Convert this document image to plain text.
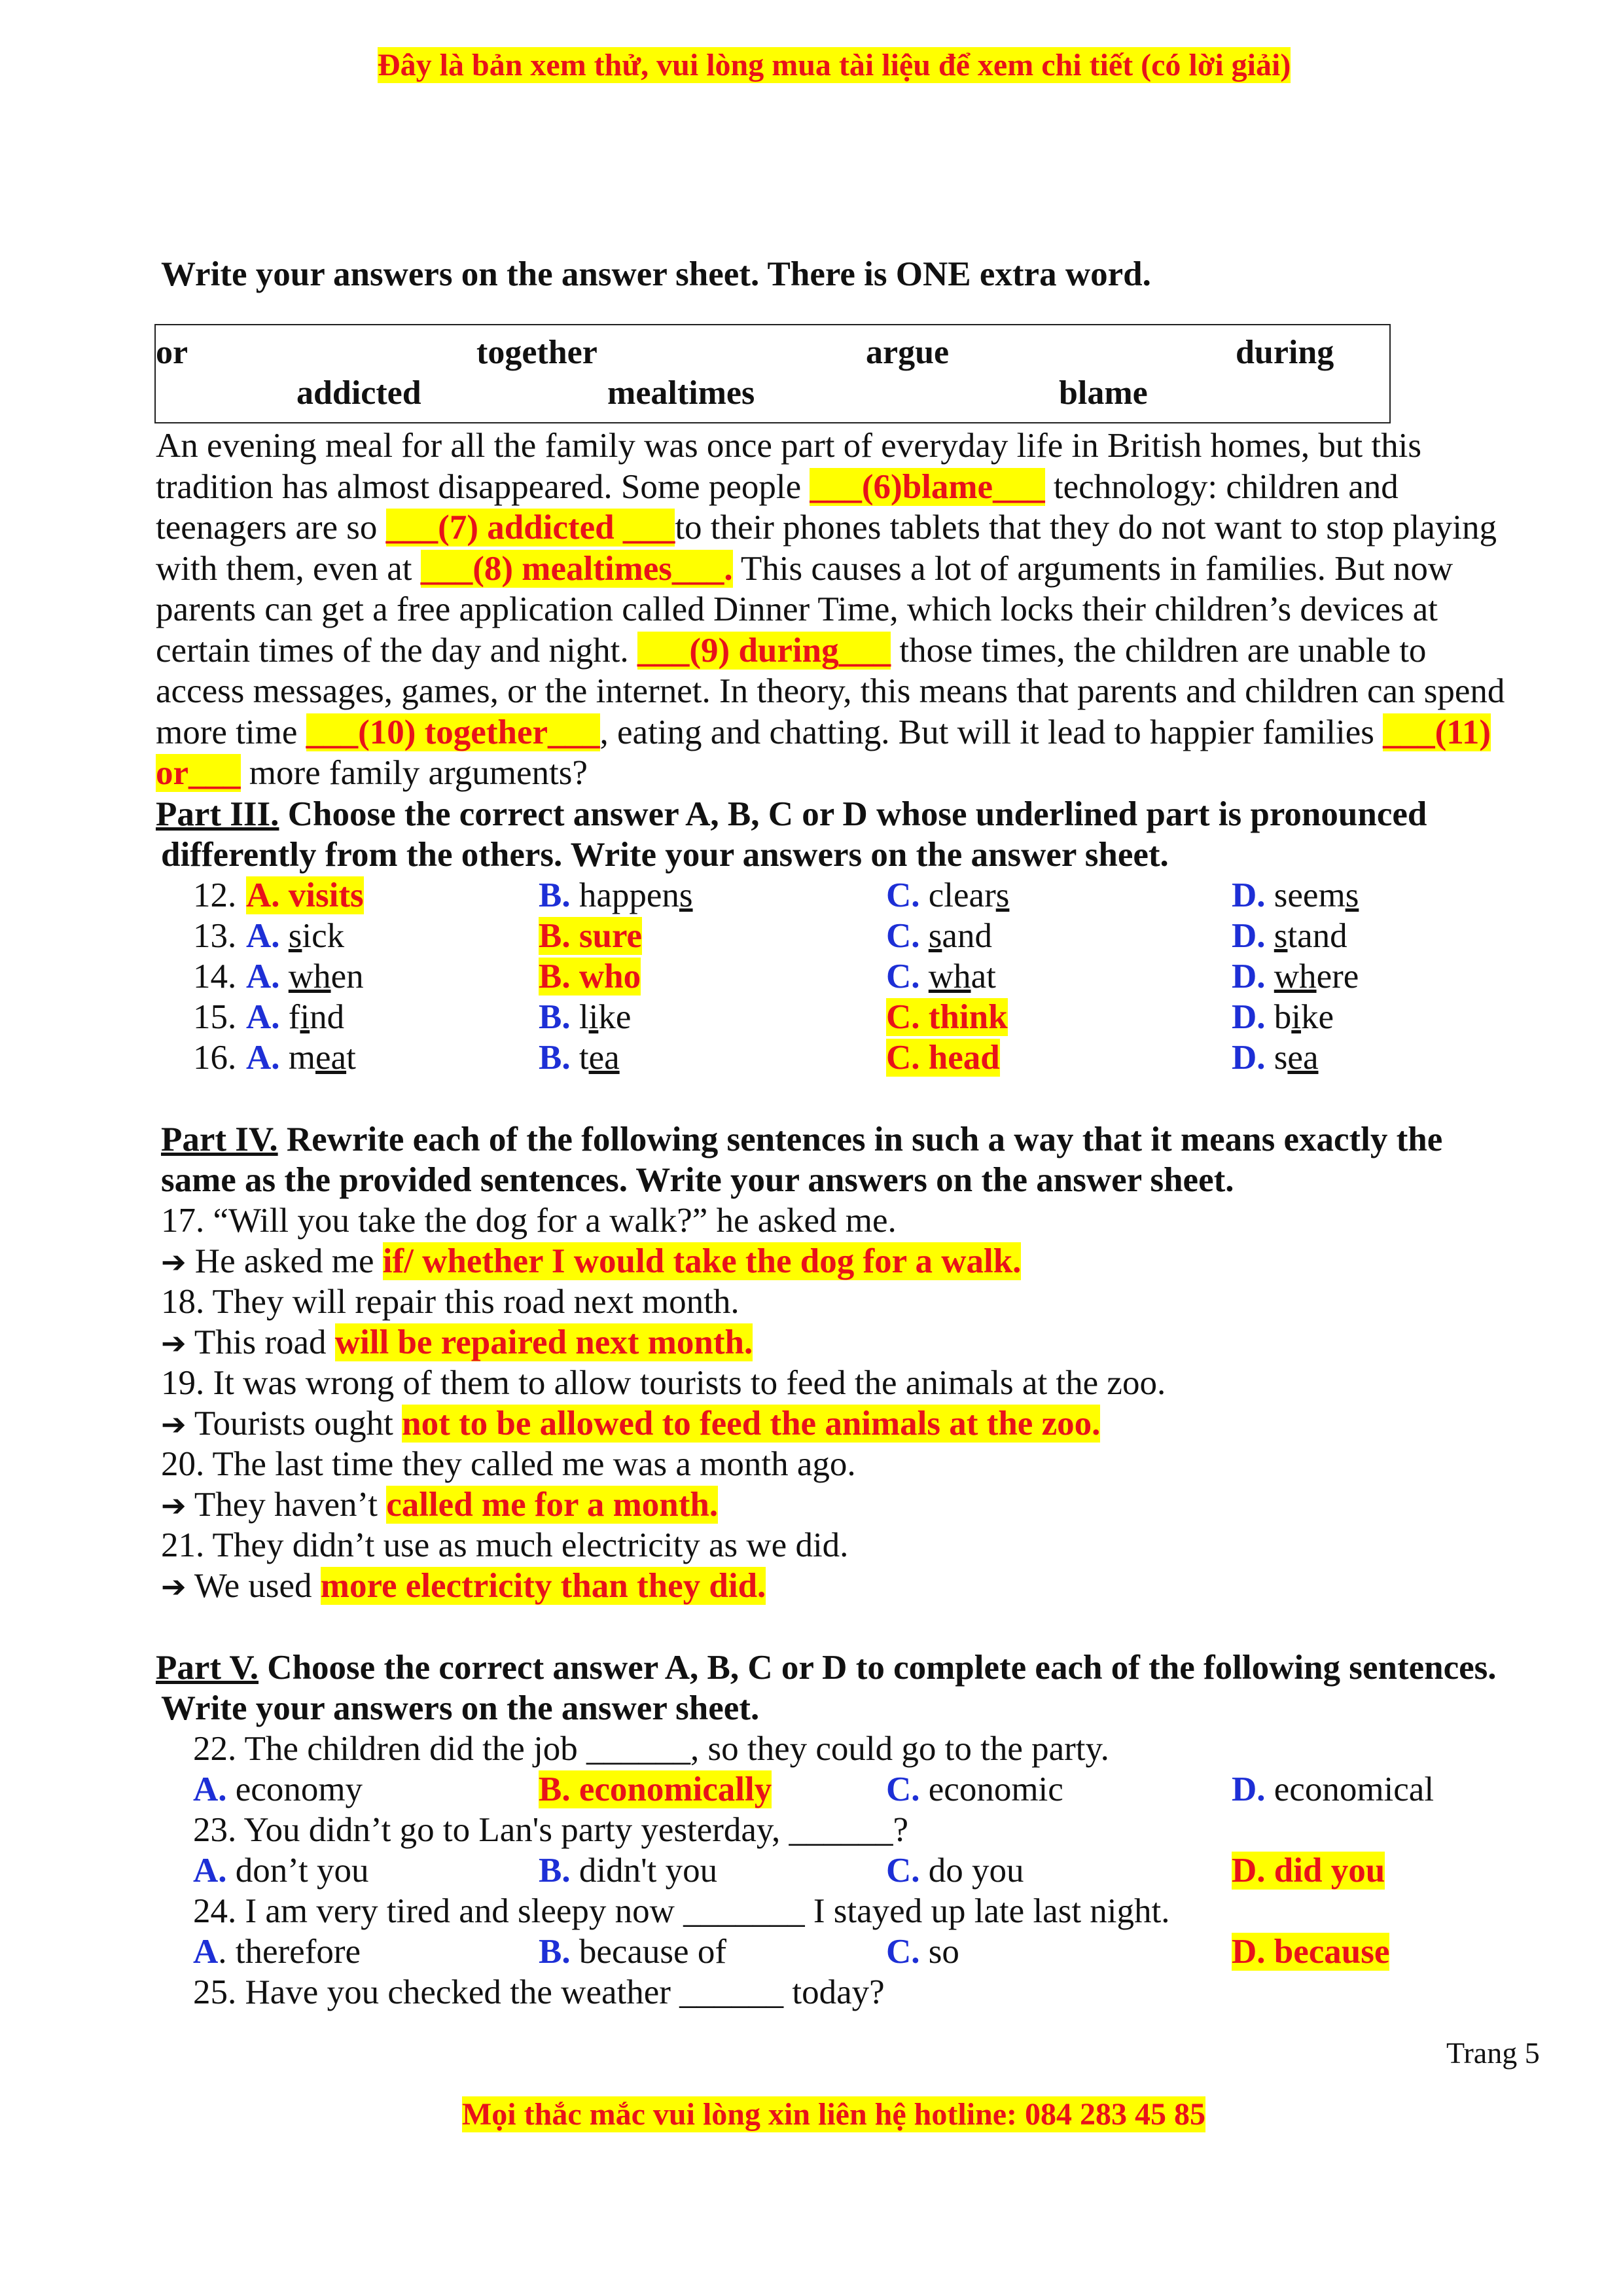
Đây là bản xem thử, vui lòng mua tài liệu để xem chi tiết (có lời giải)
Write your answers on the answer sheet. There is ONE extra word.
or	together	argue	during
addicted	mealtimes	blame
An evening meal for all the family was once part of everyday life in British homes, but this
tradition has almost disappeared. Some people ___(6)blame___ technology: children and
teenagers are so ___(7) addicted ___to their phones tablets that they do not want to stop playing
with them, even at ___(8) mealtimes___. This causes a lot of arguments in families. But now
parents can get a free application called Dinner Time, which locks their children’s devices at
certain times of the day and night. ___(9) during___ those times, the children are unable to
access messages, games, or the internet. In theory, this means that parents and children can spend
more time ___(10) together___, eating and chatting. But will it lead to happier families ___(11)
or___ more family arguments?
Part III. Choose the correct answer A, B, C or D whose underlined part is pronounced
differently from the others. Write your answers on the answer sheet.
12. A. visits	B. happens	C. clears	D. seems
13. A. sick	B. sure	C. sand	D. stand
14. A. when	B. who	C. what	D. where
15. A. find	B. like	C. think	D. bike
16. A. meat	B. tea	C. head	D. sea
Part IV. Rewrite each of the following sentences in such a way that it means exactly the
same as the provided sentences. Write your answers on the answer sheet.
17. “Will you take the dog for a walk?” he asked me.
➔ He asked me if/ whether I would take the dog for a walk.
18. They will repair this road next month.
➔ This road will be repaired next month.
19. It was wrong of them to allow tourists to feed the animals at the zoo.
➔ Tourists ought not to be allowed to feed the animals at the zoo.
20. The last time they called me was a month ago.
➔ They haven’t called me for a month.
21. They didn’t use as much electricity as we did.
➔ We used more electricity than they did.
Part V. Choose the correct answer A, B, C or D to complete each of the following sentences.
Write your answers on the answer sheet.
22. The children did the job ______, so they could go to the party.
A. economy	B. economically	C. economic	D. economical
23. You didn’t go to Lan's party yesterday, ______?
A. don’t you	B. didn't you	C. do you	D. did you
24. I am very tired and sleepy now _______ I stayed up late last night.
A. therefore	B. because of	C. so	D. because
25. Have you checked the weather ______ today?
Trang 5
Mọi thắc mắc vui lòng xin liên hệ hotline: 084 283 45 85
